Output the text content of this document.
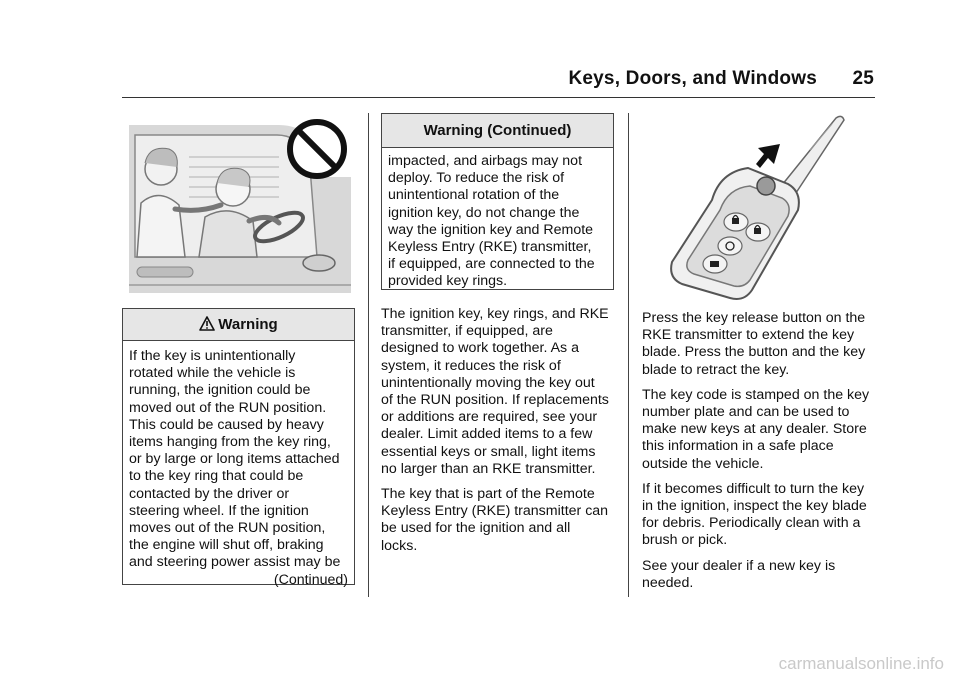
Keys, Doors, and Windows 25
Warning
If the key is unintentionally
rotated while the vehicle is
running, the ignition could be
moved out of the RUN position.
This could be caused by heavy
items hanging from the key ring,
or by large or long items attached
to the key ring that could be
contacted by the driver or
steering wheel. If the ignition
moves out of the RUN position,
the engine will shut off, braking
and steering power assist may be
(Continued)
Warning (Continued)
impacted, and airbags may not
deploy. To reduce the risk of
unintentional rotation of the
ignition key, do not change the
way the ignition key and Remote
Keyless Entry (RKE) transmitter,
if equipped, are connected to the
provided key rings.
The ignition key, key rings, and RKE
transmitter, if equipped, are
designed to work together. As a
system, it reduces the risk of
unintentionally moving the key out
of the RUN position. If replacements
or additions are required, see your
dealer. Limit added items to a few
essential keys or small, light items
no larger than an RKE transmitter.
The key that is part of the Remote
Keyless Entry (RKE) transmitter can
be used for the ignition and all
locks.
Press the key release button on the
RKE transmitter to extend the key
blade. Press the button and the key
blade to retract the key.
The key code is stamped on the key
number plate and can be used to
make new keys at any dealer. Store
this information in a safe place
outside the vehicle.
If it becomes difficult to turn the key
in the ignition, inspect the key blade
for debris. Periodically clean with a
brush or pick.
See your dealer if a new key is
needed.
carmanualsonline.info
